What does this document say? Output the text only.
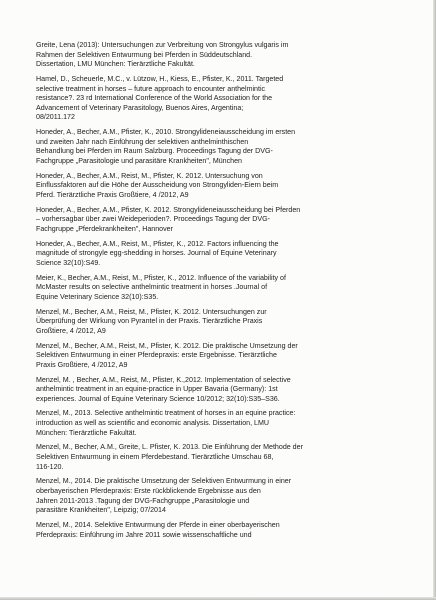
Greite, Lena (2013): Untersuchungen zur Verbreitung von Strongylus vulgaris im
Rahmen der Selektiven Entwurmung bei Pferden in Süddeutschland.
Dissertation, LMU München: Tierärztliche Fakultät.
Hamel, D., Scheuerle, M.C., v. Lützow, H., Kiess, E., Pfister, K., 2011. Targeted
selective treatment in horses – future approach to encounter anthelmintic
resistance?. 23 rd International Conference of the World Association for the
Advancement of Veterinary Parasitology, Buenos Aires, Argentina;
08/2011.172
Honeder, A., Becher, A.M., Pfister, K., 2010. Strongylideneiausscheidung im ersten
und zweiten Jahr nach Einführung der selektiven anthelminthischen
Behandlung bei Pferden im Raum Salzburg. Proceedings Tagung der DVG-
Fachgruppe „Parasitologie und parasitäre Krankheiten", München
Honeder, A., Becher, A.M., Reist, M., Pfister, K. 2012. Untersuchung von
Einflussfaktoren auf die Höhe der Ausscheidung von Strongyliden-Eiern beim
Pferd. Tierärztliche Praxis Großtiere, 4 /2012, A9
Honeder, A., Becher, A.M., Pfister, K. 2012. Strongylideneiausscheidung bei Pferden
– vorhersagbar über zwei Weideperioden?. Proceedings Tagung der DVG-
Fachgruppe „Pferdekrankheiten", Hannover
Honeder, A., Becher, A.M., Reist, M., Pfister, K., 2012. Factors influencing the
magnitude of strongyle egg-shedding in horses. Journal of Equine Veterinary
Science 32(10):S49.
Meier, K., Becher, A.M., Reist, M., Pfister, K., 2012. Influence of the variability of
McMaster results on selective anthelmintic treatment in horses .Journal of
Equine Veterinary Science 32(10):S35.
Menzel, M., Becher, A.M., Reist, M., Pfister, K. 2012. Untersuchungen zur
Überprüfung der Wirkung von Pyrantel in der Praxis. Tierärztliche Praxis
Großtiere, 4 /2012, A9
Menzel, M., Becher, A.M., Reist, M., Pfister, K. 2012. Die praktische Umsetzung der
Selektiven Entwurmung in einer Pferdepraxis: erste Ergebnisse. Tierärztliche
Praxis Großtiere, 4 /2012, A9
Menzel, M. , Becher, A.M., Reist, M., Pfister, K.,2012. Implementation of selective
anthelmintic treatment in an equine-practice in Upper Bavaria (Germany): 1st
experiences. Journal of Equine Veterinary Science 10/2012; 32(10):S35–S36.
Menzel, M., 2013. Selective anthelmintic treatment of horses in an equine practice:
introduction as well as scientific and economic analysis. Dissertation, LMU
München: Tierärztliche Fakultät.
Menzel, M., Becher, A.M., Greite, L. Pfister, K. 2013. Die Einführung der Methode der
Selektiven Entwurmung in einem Pferdebestand. Tierärztliche Umschau 68,
116-120.
Menzel, M., 2014. Die praktische Umsetzung der Selektiven Entwurmung in einer
oberbayerischen Pferdepraxis: Erste rückblickende Ergebnisse aus den
Jahren 2011-2013 .Tagung der DVG-Fachgruppe „Parasitologie und
parasitäre Krankheiten", Leipzig; 07/2014
Menzel, M., 2014. Selektive Entwurmung der Pferde in einer oberbayerischen
Pferdepraxis: Einführung im Jahre 2011 sowie wissenschaftliche und
